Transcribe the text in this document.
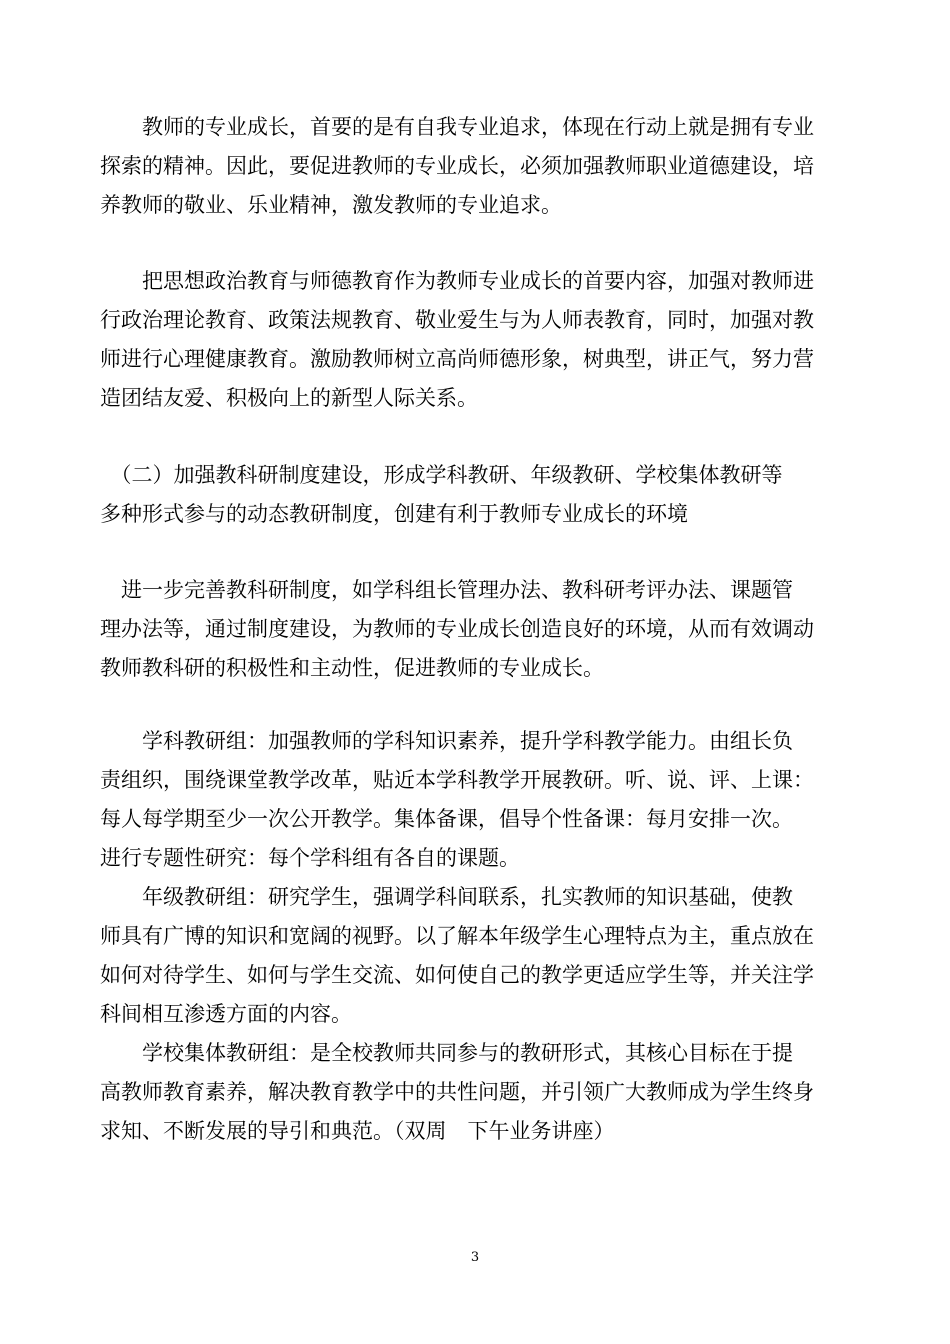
　　教师的专业成长，首要的是有自我专业追求，体现在行动上就是拥有专业
探索的精神。因此，要促进教师的专业成长，必须加强教师职业道德建设，培
养教师的敬业、乐业精神，激发教师的专业追求。
　　把思想政治教育与师德教育作为教师专业成长的首要内容，加强对教师进
行政治理论教育、政策法规教育、敬业爱生与为人师表教育，同时，加强对教
师进行心理健康教育。激励教师树立高尚师德形象，树典型，讲正气，努力营
造团结友爱、积极向上的新型人际关系。
　（二）加强教科研制度建设，形成学科教研、年级教研、学校集体教研等
多种形式参与的动态教研制度，创建有利于教师专业成长的环境
　进一步完善教科研制度，如学科组长管理办法、教科研考评办法、课题管
理办法等，通过制度建设，为教师的专业成长创造良好的环境，从而有效调动
教师教科研的积极性和主动性，促进教师的专业成长。
　　学科教研组：加强教师的学科知识素养，提升学科教学能力。由组长负
责组织，围绕课堂教学改革，贴近本学科教学开展教研。听、说、评、上课：
每人每学期至少一次公开教学。集体备课，倡导个性备课：每月安排一次。
进行专题性研究：每个学科组有各自的课题。
　　年级教研组：研究学生，强调学科间联系，扎实教师的知识基础，使教
师具有广博的知识和宽阔的视野。以了解本年级学生心理特点为主，重点放在
如何对待学生、如何与学生交流、如何使自己的教学更适应学生等，并关注学
科间相互渗透方面的内容。
　　学校集体教研组：是全校教师共同参与的教研形式，其核心目标在于提
高教师教育素养，解决教育教学中的共性问题，并引领广大教师成为学生终身
求知、不断发展的导引和典范。（双周　下午业务讲座）
3
